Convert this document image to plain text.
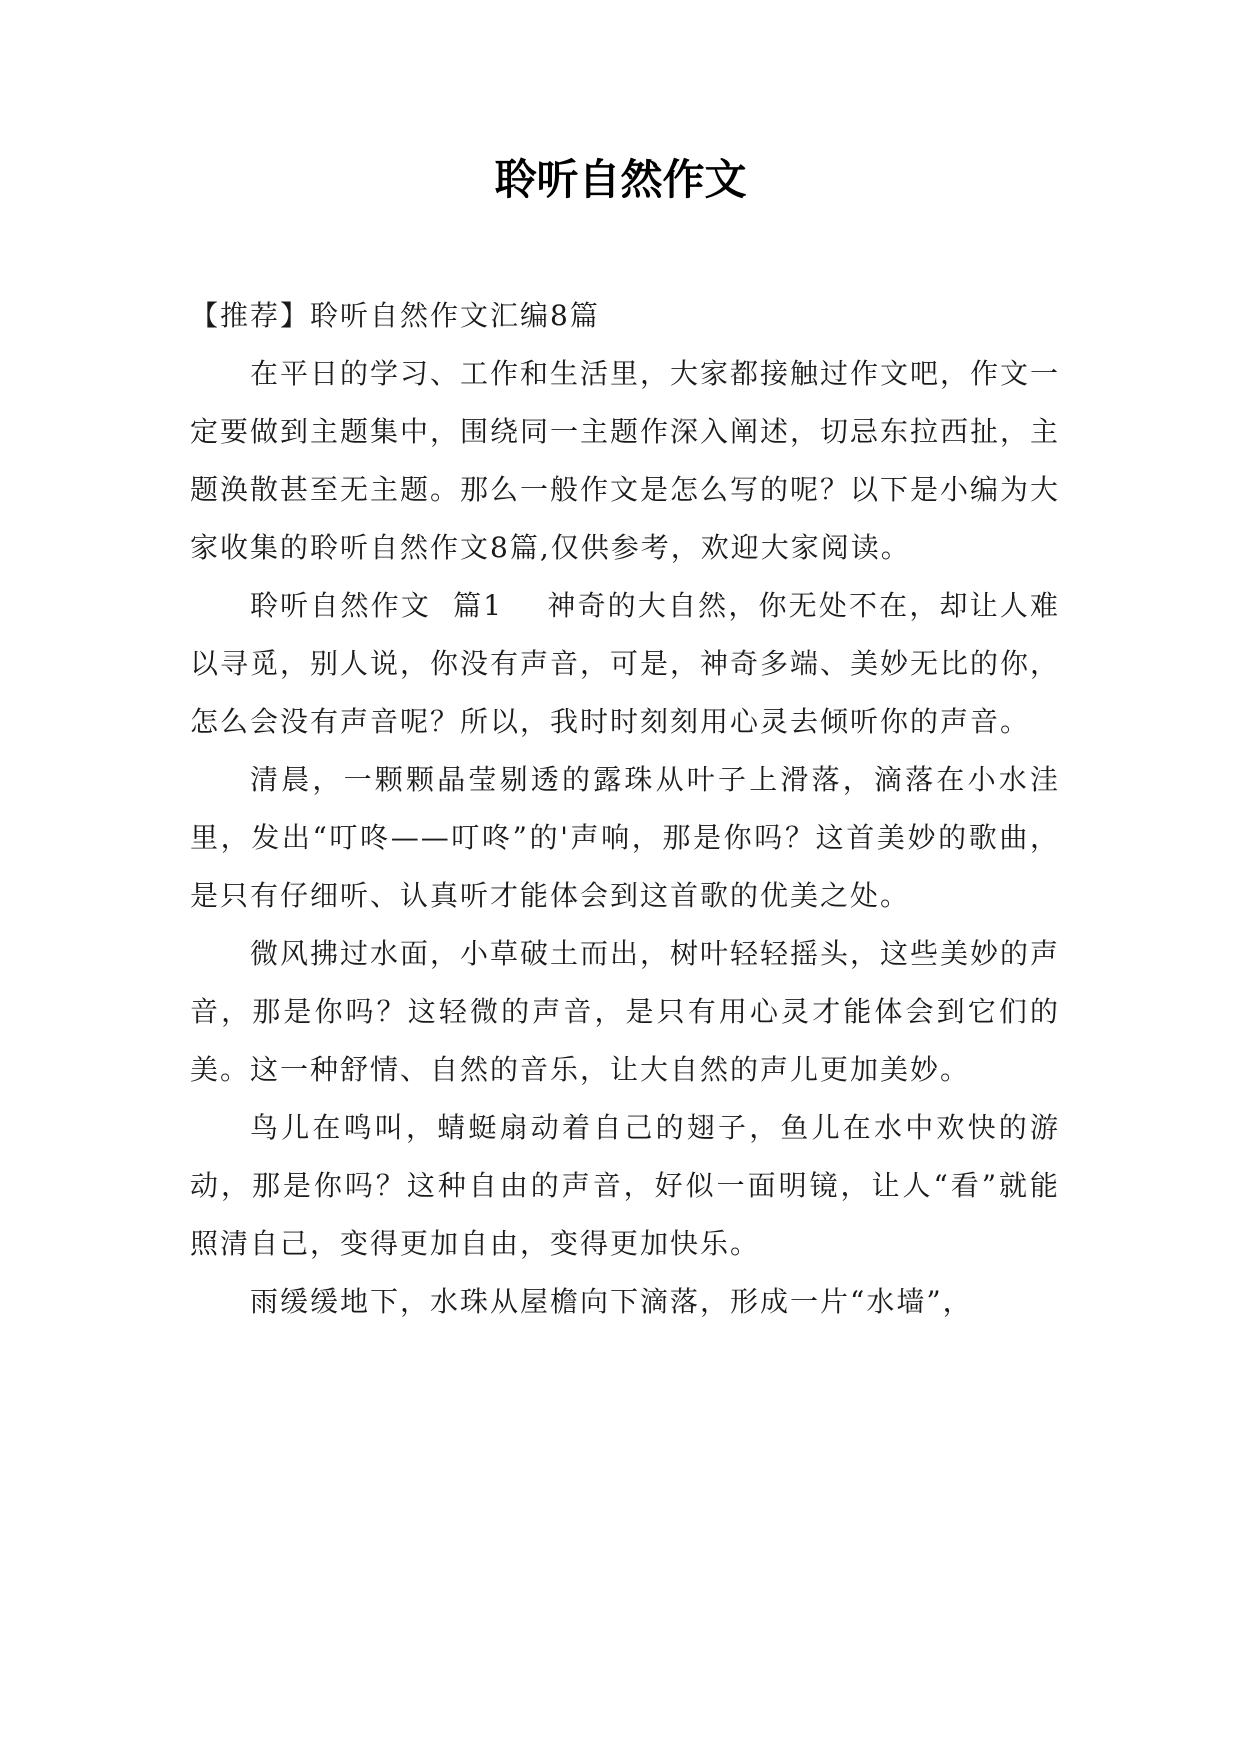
聆听自然作文

【推荐】聆听自然作文汇编8篇

在平日的学习、工作和生活里，大家都接触过作文吧，作文一定要做到主题集中，围绕同一主题作深入阐述，切忌东拉西扯，主题涣散甚至无主题。那么一般作文是怎么写的呢？以下是小编为大家收集的聆听自然作文8篇,仅供参考，欢迎大家阅读。

聆听自然作文  篇1    神奇的大自然，你无处不在，却让人难以寻觅，别人说，你没有声音，可是，神奇多端、美妙无比的你，怎么会没有声音呢？所以，我时时刻刻用心灵去倾听你的声音。

清晨，一颗颗晶莹剔透的露珠从叶子上滑落，滴落在小水洼里，发出“叮咚——叮咚”的'声响，那是你吗？这首美妙的歌曲，是只有仔细听、认真听才能体会到这首歌的优美之处。

微风拂过水面，小草破土而出，树叶轻轻摇头，这些美妙的声音，那是你吗？这轻微的声音，是只有用心灵才能体会到它们的美。这一种舒情、自然的音乐，让大自然的声儿更加美妙。

鸟儿在鸣叫，蜻蜓扇动着自己的翅子，鱼儿在水中欢快的游动，那是你吗？这种自由的声音，好似一面明镜，让人“看”就能照清自己，变得更加自由，变得更加快乐。

雨缓缓地下，水珠从屋檐向下滴落，形成一片“水墙”，
